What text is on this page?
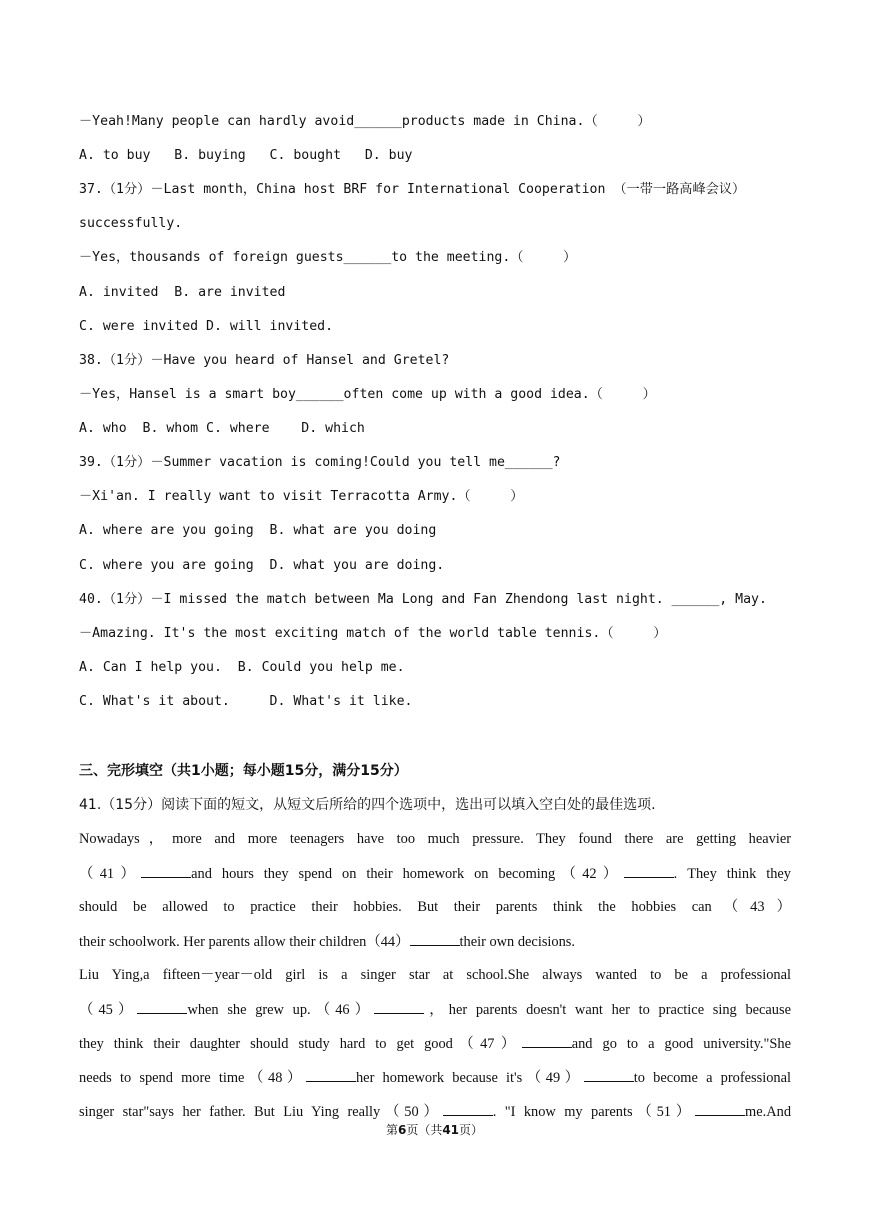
－Yeah!Many people can hardly avoid______products made in China.（     ）
A. to buy   B. buying   C. bought   D. buy
37.（1分）－Last month，China host BRF for International Cooperation （一带一路高峰会议）
successfully.
－Yes，thousands of foreign guests______to the meeting.（     ）
A. invited  B. are invited
C. were invited D. will invited.
38.（1分）－Have you heard of Hansel and Gretel?
－Yes，Hansel is a smart boy______often come up with a good idea.（     ）
A. who  B. whom C. where    D. which
39.（1分）－Summer vacation is coming!Could you tell me______?
－Xi'an. I really want to visit Terracotta Army.（     ）
A. where are you going  B. what are you doing
C. where you are going  D. what you are doing.
40.（1分）－I missed the match between Ma Long and Fan Zhendong last night. ______, May.
－Amazing. It's the most exciting match of the world table tennis.（     ）
A. Can I help you.  B. Could you help me.
C. What's it about.     D. What's it like.
三、完形填空（共1小题；每小题15分，满分15分）
41.（15分）阅读下面的短文，从短文后所给的四个选项中，选出可以填入空白处的最佳选项.
Nowadays，more and more teenagers have too much pressure. They found there are getting heavier
（41）	and hours they spend on their homework on becoming（42）	. They think they
should be allowed to practice their hobbies. But their parents think the hobbies can（43）
their schoolwork. Her parents allow their children（44）	their own decisions.
Liu Ying,a fifteen－year－old girl is a singer star at school.She always wanted to be a professional
（45）	when she grew up.（46）	，her parents doesn't want her to practice sing because
they think their daughter should study hard to get good（47）	and go to a good university."She
needs to spend more time（48）	her homework because it's（49）	to become a professional
singer star"says her father. But Liu Ying really（50）	. "I know my parents（51）	me.And
第6页（共41页）
